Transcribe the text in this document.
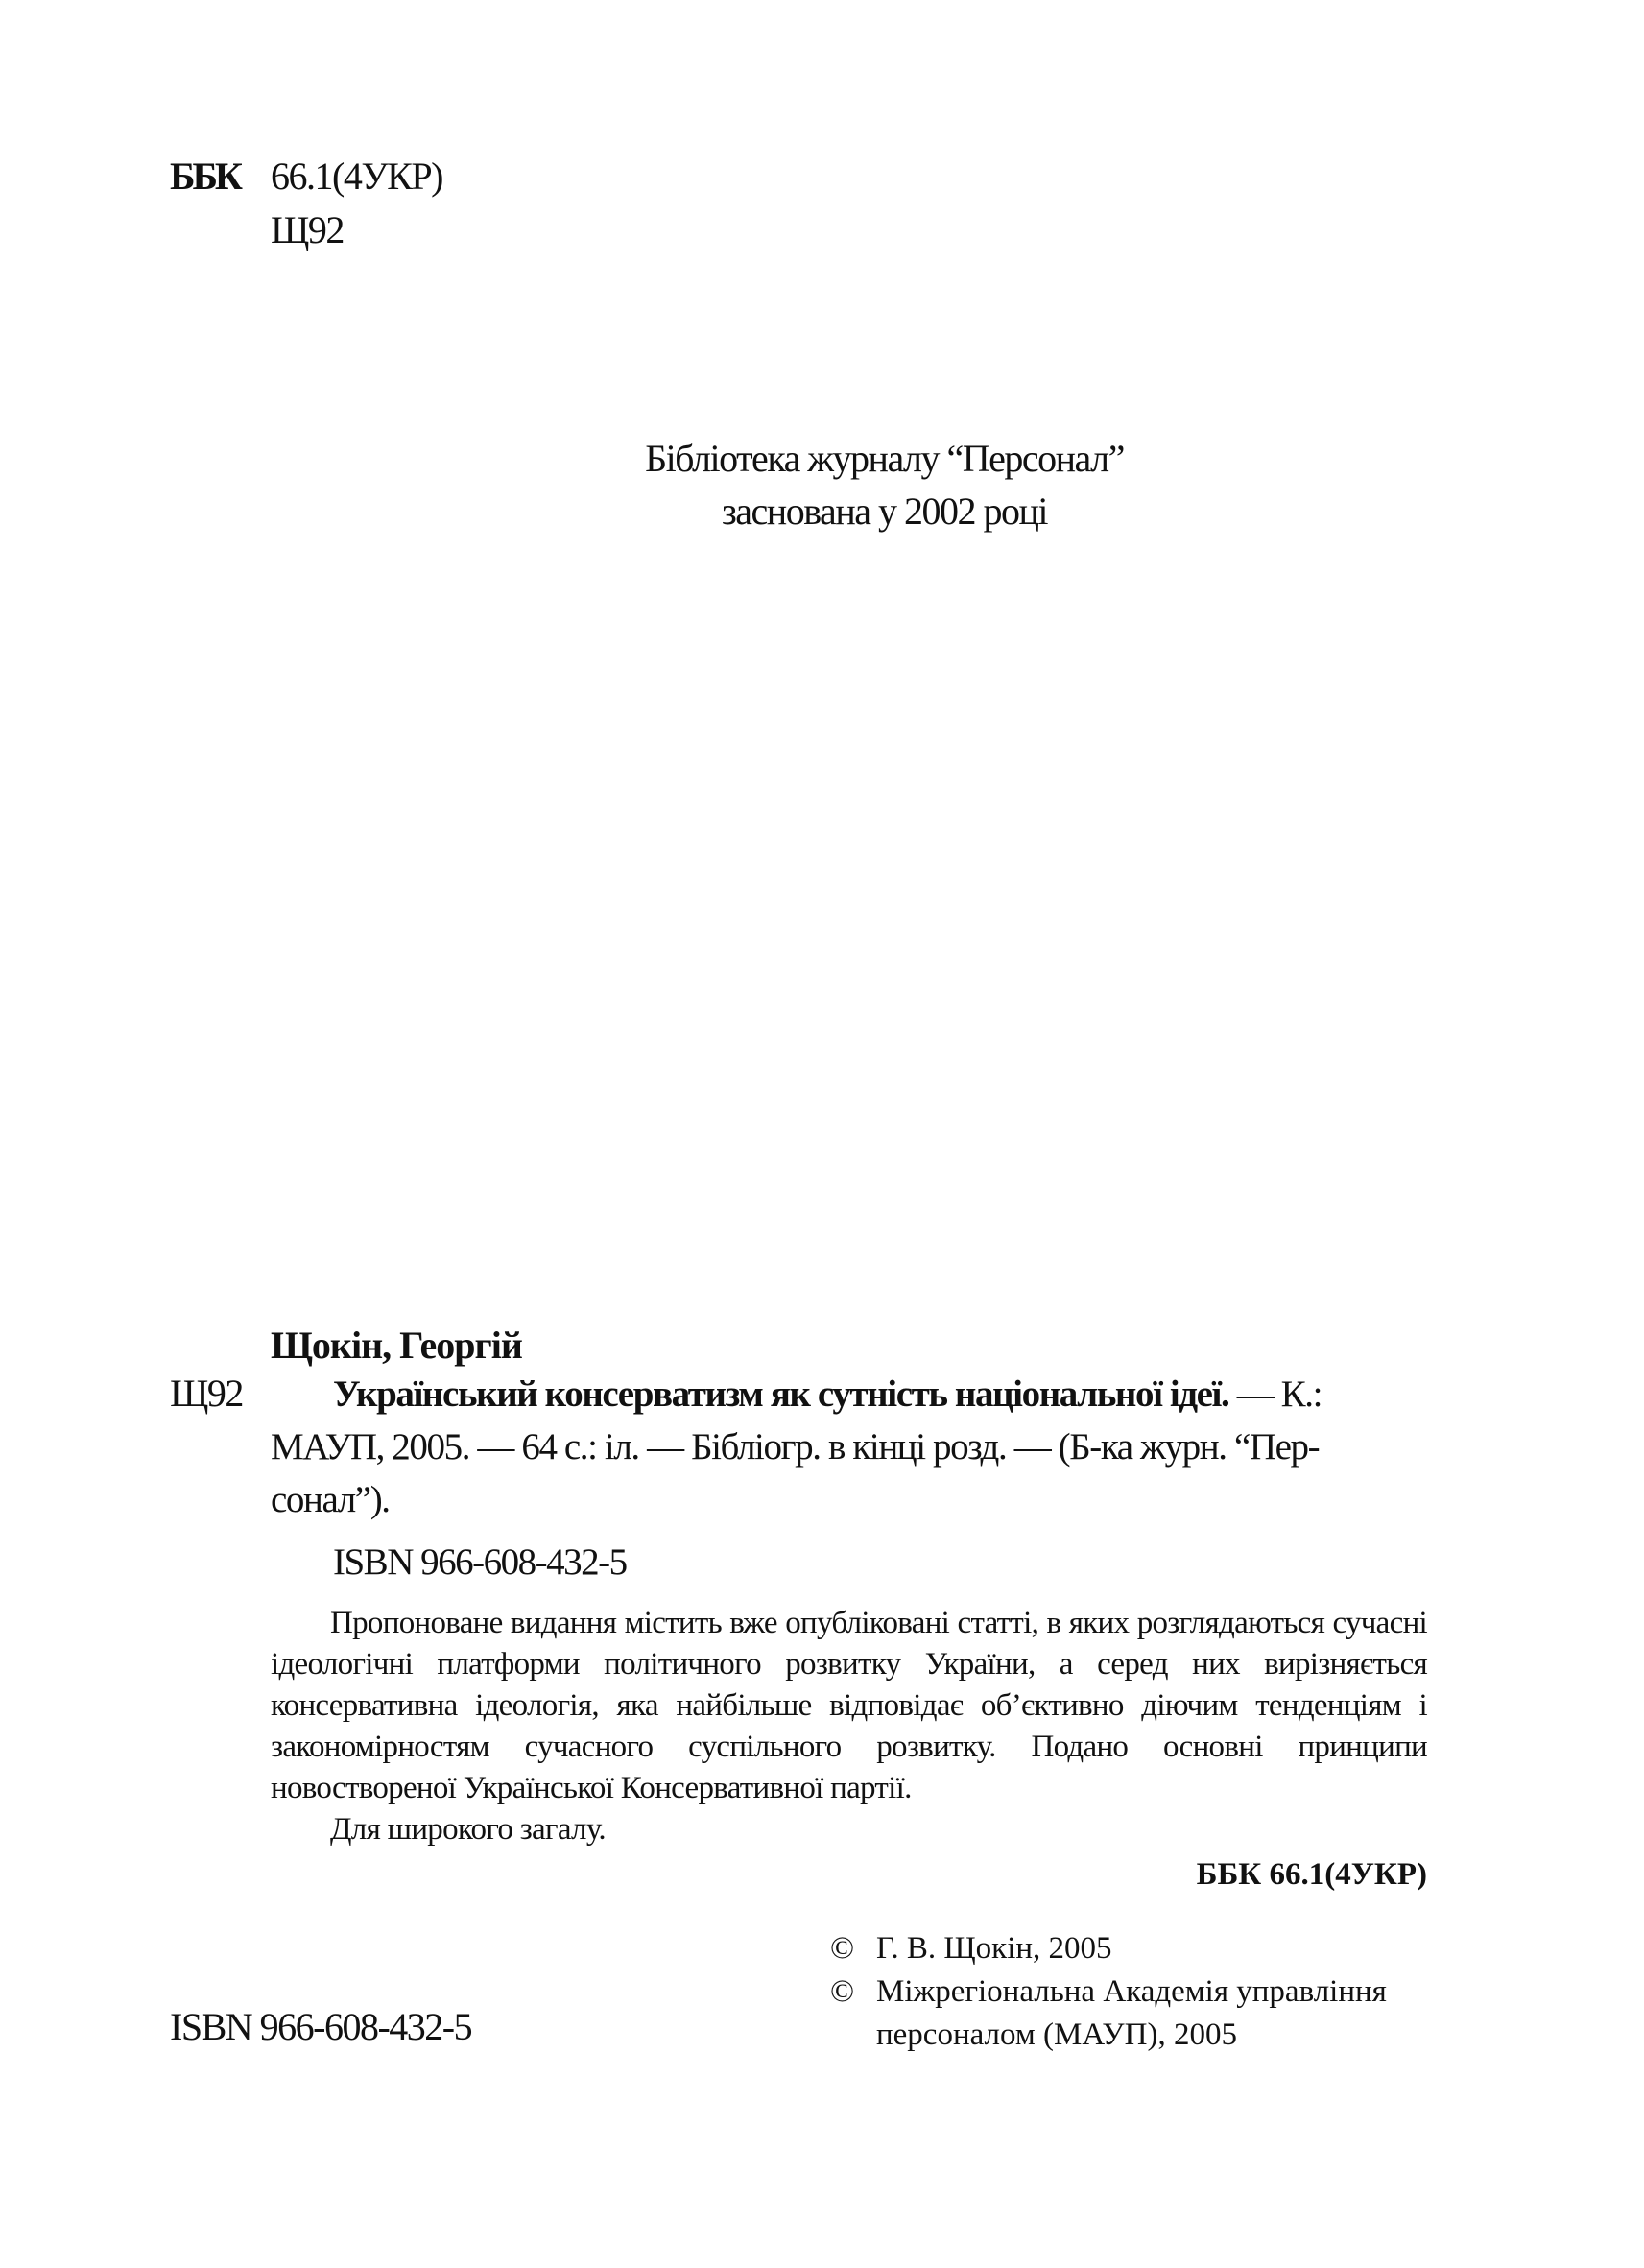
ББК 66.1(4УКР)
Щ92
Бібліотека журналу “Персонал”
заснована у 2002 році
Щокін, Георгій
Щ92	Український консерватизм як сутність національної ідеї. — К.:
МАУП, 2005. — 64 с.: іл. — Бібліогр. в кінці розд. — (Б-ка журн. “Пер-
сонал”).
ISBN 966-608-432-5

Пропоноване видання містить вже опубліковані статті, в яких розглядаються сучасні ідеологічні платформи політичного розвитку України, а серед них вирізняється консервативна ідеологія, яка найбільше відповідає об’єктивно діючим тенденціям і закономірностям сучасного суспільного розвитку. Подано основні принципи новоствореної Української Консервативної партії.

Для широкого загалу.

ББК 66.1(4УКР)
© Г. В. Щокін, 2005
© Міжрегіональна Академія управління
персоналом (МАУП), 2005
ISBN 966-608-432-5
